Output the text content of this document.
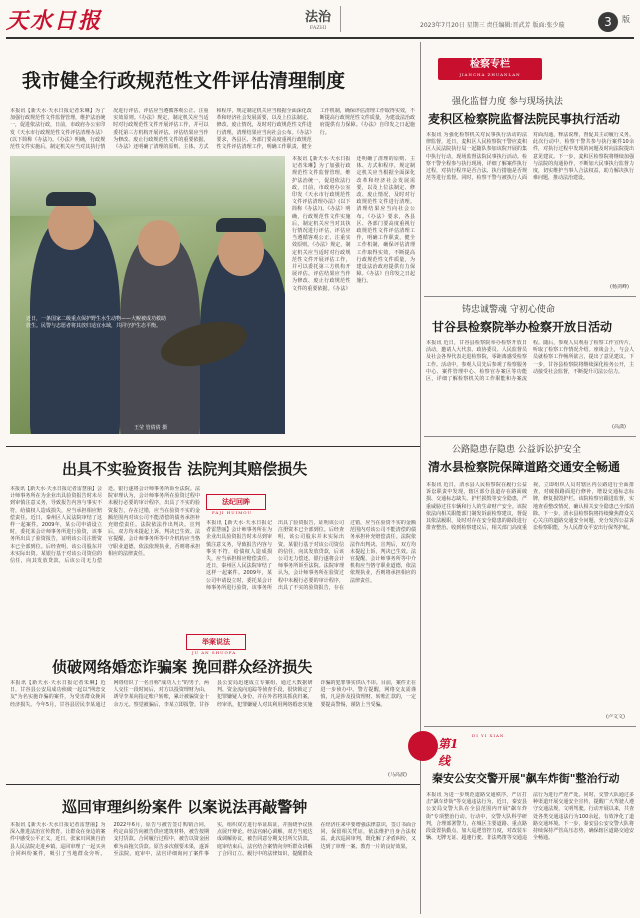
天水日报	法治
FAZHI	2023年7月20日 星期三 责任编辑:晋武芳 版面:张少璇	3	版
我市健全行政规范性文件评估清理制度
本报讯【新天水·天水日报记者朱琳】为了加强行政规范性文件监督管理，维护法治统一，促进依法行政，日前，市政府办公室印发《天水市行政规范性文件评估清理办法》(以下简称《办法》)。《办法》明确，行政规范性文件实施后，制定机关应当对其执行情况进行评估，评估应当遵循客观公正、注重实效原则。《办法》规定，制定机关应当适时对行政规范性文件开展评估工作，并可以委托第三方机构开展评估。评估结果应当作为修改、废止行政规范性文件的重要依据。《办法》还明确了清理的原则、主体、方式和程序，规定制定机关应当根据全面深化改革和经济社会发展需要，以及上位法制定、修改、废止情况，及时对行政规范性文件进行清理。清理结果应当向社会公布。《办法》要求，各县区、各部门要高度重视行政规范性文件评估清理工作，明确工作职责，健全工作机制，确保评估清理工作取得实效，不断提高行政规范性文件质量，为建设法治政府提供有力保障。《办法》自印发之日起施行。
本报讯【新天水·天水日报记者朱琳】为了加强行政规范性文件监督管理，维护法治统一，促进依法行政，日前，市政府办公室印发《天水市行政规范性文件评估清理办法》(以下简称《办法》)。《办法》明确，行政规范性文件实施后，制定机关应当对其执行情况进行评估，评估应当遵循客观公正、注重实效原则。《办法》规定，制定机关应当适时对行政规范性文件开展评估工作，并可以委托第三方机构开展评估。评估结果应当作为修改、废止行政规范性文件的重要依据。《办法》还明确了清理的原则、主体、方式和程序，规定制定机关应当根据全面深化改革和经济社会发展需要，以及上位法制定、修改、废止情况，及时对行政规范性文件进行清理。清理结果应当向社会公布。《办法》要求，各县区、各部门要高度重视行政规范性文件评估清理工作，明确工作职责，健全工作机制，确保评估清理工作取得实效，不断提高行政规范性文件质量，为建设法治政府提供有力保障。《办法》自印发之日起施行。
近日，一条国家二级重点保护野生水生动物——大鲵被成功救助放生。民警与志愿者将其放归适宜水域，共同守护生态平衡。
王莹 管倩倩 摄
检察专栏
JIANCHA ZHUANLAN
强化监督力度 参与现场执法
麦积区检察院监督法院民事执行活动
本报讯 为强化检察机关对民事执行活动的法律监督，近日，麦积区人民检察院干警应麦积区人民法院执行局一起随队参加该院开展的集中执行行动，现场监督法院民事执行活动。检察干警全程参与执行现场，详细了解案件执行过程，对执行程序是否合法、执行措施是否规范等进行监督。同时，检察干警与被执行人面对面沟通，释法说理，督促其主动履行义务。此次行动中，检察干警共参与执行案件10余件，对执行过程中发现的问题及时向法院提出意见建议。下一步，麦积区检察院将继续加强与法院的沟通协作，不断加大民事执行监督力度，切实维护当事人合法权益，助力解决执行难问题，推动法治建设。
(杨剑峰)
铸忠诚警魂 守初心使命
甘谷县检察院举办检察开放日活动
本报讯 近日，甘谷县检察院举办检察开放日活动，邀请人大代表、政协委员、人民监督员及社会各界代表走进检察院，零距离感受检察工作。活动中，参观人员先后参观了检察服务中心、案件管理中心、检察官办案区等功能区，详细了解检察机关的工作职能和办案流程。随后，参观人员观看了检察工作宣传片，听取了检察工作情况介绍。座谈会上，与会人员就检察工作畅所欲言，提出了意见建议。下一步，甘谷县检察院将继续深化检务公开，主动接受社会监督，不断提升司法公信力。
(高潇)
公路隐患存隐患 公益诉讼护安全
清水县检察院保障道路交通安全畅通
本报讯 近日，清水县人民检察院在履行公益诉讼职责中发现，辖区部分县道存在路面破损、交通标志缺失、护栏损毁等安全隐患，严重威胁过往车辆和行人的生命财产安全。该院依法向相关职能部门制发诉前检察建议，督促其依法履职，及时对存在安全隐患的路段进行排查整治。收到检察建议后，相关部门高度重视，立即组织人员对辖区内公路进行全面排查，对破损路面进行修补，增设交通标志标牌，修复损毁护栏。该院检察官跟进监督，实地查看整改情况，确认相关安全隐患已全部消除。下一步，清水县检察院将持续聚焦群众关心关注的道路交通安全问题，充分发挥公益诉讼检察职能，为人民群众平安出行保驾护航。
(卢文文)
第1线
DI YI XIAN
秦安公安交警开展"飙车炸街"整治行动
本报讯 为进一步规范道路交通秩序，严厉打击"飙车炸街"等交通违法行为，近日，秦安县公安局交警大队在全县范围内开展"飙车炸街"专项整治行动。行动中，交警大队科学研判，合理部署警力，在城区主要道路、重点路段设置执勤点，加大巡逻管控力度，对改装车辆、无牌无证、超速行驶、非法鸣笛等交通违法行为进行严查严处。同时，交警大队通过多种渠道开展交通安全宣传，提醒广大驾驶人遵守交通法规，文明驾驶。行动开展以来，共查处各类交通违法行为100余起，有效净化了道路交通环境。下一步，秦安县公安交警大队将持续保持严管高压态势，确保辖区道路交通安全畅通。
出具不实验资报告 法院判其赔偿损失
法纪回眸
FAJI HUIMOU
本报讯【新天水·天水日报记者雷慧丽】会计师事务所在为企业出具验资报告时未尽到审慎注意义务，导致报告内容与事实不符，给债权人造成损失，应当承担相应赔偿责任。近日，秦州区人民法院审结了这样一起案件。2009年，某公司申请设立时，委托某会计师事务所进行验资，该事务所出具了验资报告，证明该公司注册资本已全部到位。后经查明，该公司股东并未实际出资。某银行基于对该公司资信的信任，向其发放贷款，后该公司无力偿还。银行遂将会计师事务所诉至法院。法院审理认为，会计师事务所在验资过程中未履行必要的审计程序，出具了不实的验资报告，存在过错，应当在验资不实的金额范围内对该公司不能清偿的债务承担补充赔偿责任。法院依法作出判决。宣判后，双方均未提起上诉，判决已生效。法官提醒，会计师事务所等中介机构应当恪守职业道德，依法依规执业，否则将承担相应的法律责任。
本报讯【新天水·天水日报记者雷慧丽】会计师事务所在为企业出具验资报告时未尽到审慎注意义务，导致报告内容与事实不符，给债权人造成损失，应当承担相应赔偿责任。近日，秦州区人民法院审结了这样一起案件。2009年，某公司申请设立时，委托某会计师事务所进行验资，该事务所出具了验资报告，证明该公司注册资本已全部到位。后经查明，该公司股东并未实际出资。某银行基于对该公司资信的信任，向其发放贷款，后该公司无力偿还。银行遂将会计师事务所诉至法院。法院审理认为，会计师事务所在验资过程中未履行必要的审计程序，出具了不实的验资报告，存在过错，应当在验资不实的金额范围内对该公司不能清偿的债务承担补充赔偿责任。法院依法作出判决。宣判后，双方均未提起上诉，判决已生效。法官提醒，会计师事务所等中介机构应当恪守职业道德，依法依规执业，否则将承担相应的法律责任。
举案说法
JU AN SHUOFA
侦破网络婚恋诈骗案 挽回群众经济损失
本报讯【新天水·天水日报记者朱琳】近日，甘谷县公安局成功侦破一起以"网恋交友"为名实施诈骗的案件，为受害群众挽回经济损失。今年5月，甘谷县居民李某通过网络结识了一名自称"成功人士"的男子，两人交往一段时间后，对方以投资理财为由，诱导李某向指定账户转账，累计被骗资金十余万元。察觉被骗后，李某立即报警。甘谷县公安局迅速成立专案组，通过大数据研判、资金流向追踪等侦查手段，很快锁定了犯罪嫌疑人身份，并在外省将其抓获归案。经审讯，犯罪嫌疑人对其利用网络婚恋实施诈骗的犯罪事实供认不讳。目前，案件正在进一步侦办中。警方提醒，网络交友需谨慎，凡是涉及投资理财、转账汇款的，一定要提高警惕，谨防上当受骗。
(马高波)
巡回审理纠纷案件 以案说法再敲警钟
本报讯【新天水·天水日报记者雷慧丽】为深入推进法治宣传教育，让群众在身边的案件中感受公平正义，近日，张家川回族自治县人民法院走进乡镇，巡回审理了一起买卖合同纠纷案件，吸引了当地群众旁听。2022年6月，原告与被告签订购销合同，约定由原告向被告供应建筑材料，被告按期支付货款。合同履行过程中，被告以资金困难为由拖欠货款。原告多次催要未果，遂诉至法院。庭审中，法官详细询问了案件事实，组织双方进行举证质证，并围绕争议焦点展开辩论。经法官耐心调解，双方当庭达成调解协议，被告同意分期支付所欠货款。庭审结束后，法官结合案情向旁听群众讲解了合同订立、履行中的法律知识，提醒群众在经济往来中要增强法律意识，签订书面合同，保留相关凭证，依法维护自身合法权益。此次巡回审判，既化解了矛盾纠纷，又达到了审理一案、教育一片的良好效果。
